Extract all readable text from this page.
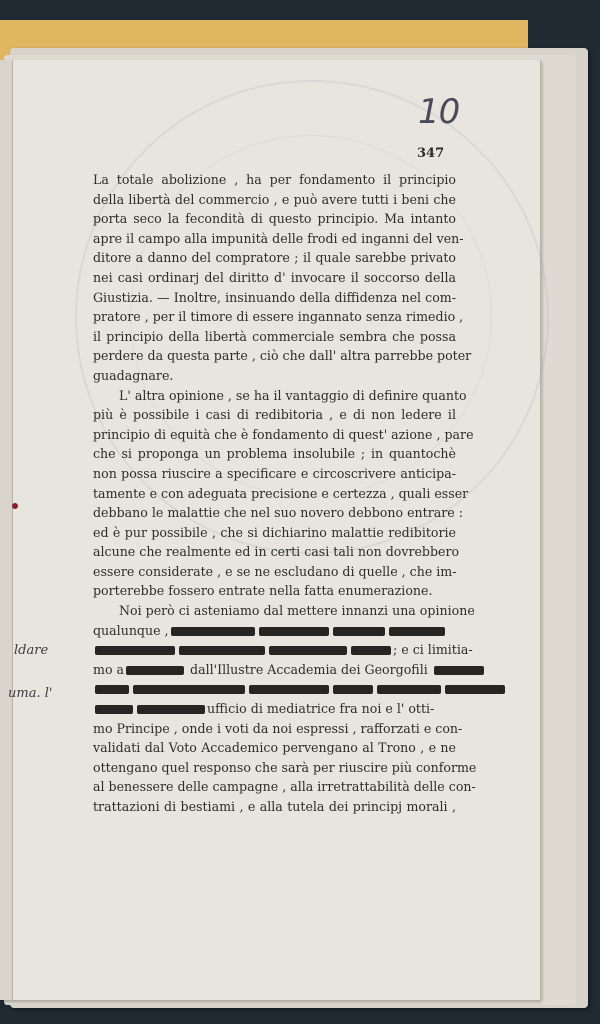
10
347
ldare
uma. l'
La totale abolizione , ha per fondamento il principio
della libertà del commercio , e può avere tutti i beni che
porta seco la fecondità di questo principio. Ma intanto
apre il campo alla impunità delle frodi ed inganni del ven-
ditore a danno del compratore ; il quale sarebbe privato
nei casi ordinarj del diritto d' invocare il soccorso della
Giustizia. — Inoltre, insinuando della diffidenza nel com-
pratore , per il timore di essere ingannato senza rimedio ,
il principio della libertà commerciale sembra che possa
perdere da questa parte , ciò che dall' altra parrebbe poter
guadagnare.
L' altra opinione , se ha il vantaggio di definire quanto
più è possibile i casi di redibitoria , e di non ledere il
principio di equità che è fondamento di quest' azione , pare
che si proponga un problema insolubile ; in quantochè
non possa riuscire a specificare e circoscrivere anticipa-
tamente e con adeguata precisione e certezza , quali esser
debbano le malattie che nel suo novero debbono entrare :
ed è pur possibile , che si dichiarino malattie redibitorie
alcune che realmente ed in certi casi tali non dovrebbero
essere considerate , e se ne escludano di quelle , che im-
porterebbe fossero entrate nella fatta enumerazione.
Noi però ci asteniamo dal mettere innanzi una opinione
qualunque ,
; e ci limitia-
mo a	dall'Illustre Accademia dei Georgofili
ufficio di mediatrice fra noi e l' otti-
mo Principe , onde i voti da noi espressi , rafforzati e con-
validati dal Voto Accademico pervengano al Trono , e ne
ottengano quel responso che sarà per riuscire più conforme
al benessere delle campagne , alla irretrattabilità delle con-
trattazioni di bestiami , e alla tutela dei principj morali ,
